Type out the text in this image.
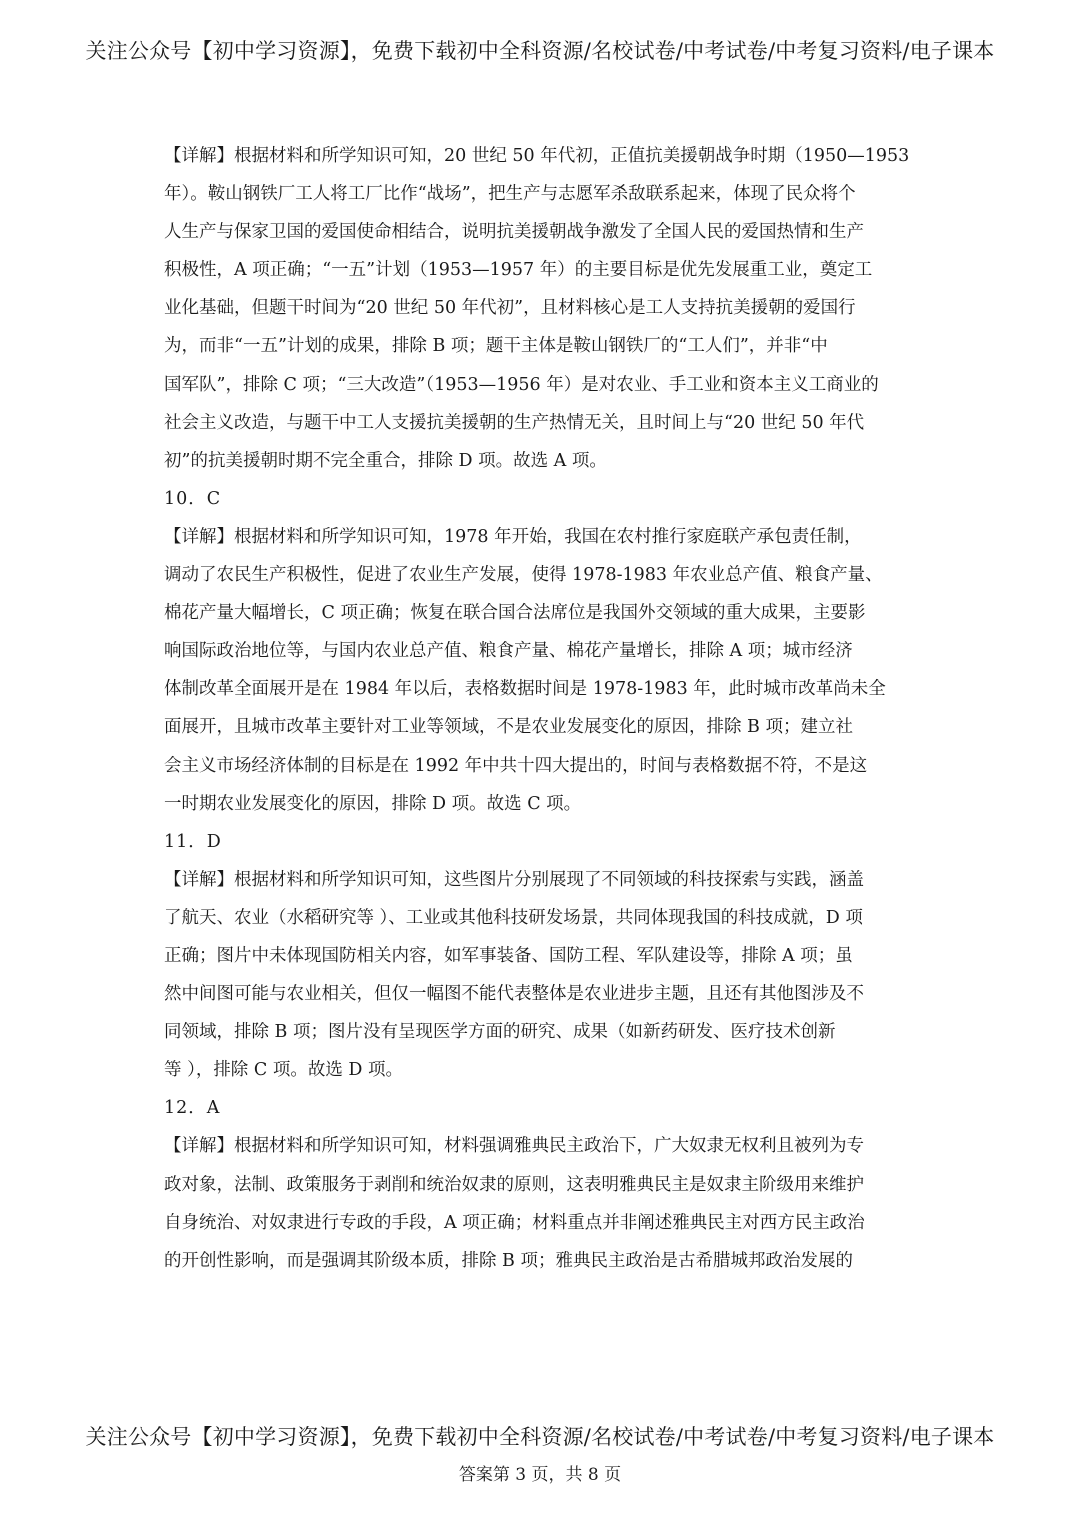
关注公众号【初中学习资源】，免费下载初中全科资源/名校试卷/中考试卷/中考复习资料/电子课本
【详解】根据材料和所学知识可知，20 世纪 50 年代初，正值抗美援朝战争时期（1950—1953
年）。鞍山钢铁厂工人将工厂比作“战场”，把生产与志愿军杀敌联系起来，体现了民众将个
人生产与保家卫国的爱国使命相结合，说明抗美援朝战争激发了全国人民的爱国热情和生产
积极性，A 项正确；“一五”计划（1953—1957 年）的主要目标是优先发展重工业，奠定工
业化基础，但题干时间为“20 世纪 50 年代初”，且材料核心是工人支持抗美援朝的爱国行
为，而非“一五”计划的成果，排除 B 项；题干主体是鞍山钢铁厂的“工人们”，并非“中
国军队”，排除 C 项；“三大改造”（1953—1956 年）是对农业、手工业和资本主义工商业的
社会主义改造，与题干中工人支援抗美援朝的生产热情无关，且时间上与“20 世纪 50 年代
初”的抗美援朝时期不完全重合，排除 D 项。故选 A 项。
10．C
【详解】根据材料和所学知识可知，1978 年开始，我国在农村推行家庭联产承包责任制，
调动了农民生产积极性，促进了农业生产发展，使得 1978-1983 年农业总产值、粮食产量、
棉花产量大幅增长，C 项正确；恢复在联合国合法席位是我国外交领域的重大成果，主要影
响国际政治地位等，与国内农业总产值、粮食产量、棉花产量增长，排除 A 项；城市经济
体制改革全面展开是在 1984 年以后，表格数据时间是 1978-1983 年，此时城市改革尚未全
面展开，且城市改革主要针对工业等领域，不是农业发展变化的原因，排除 B 项；建立社
会主义市场经济体制的目标是在 1992 年中共十四大提出的，时间与表格数据不符，不是这
一时期农业发展变化的原因，排除 D 项。故选 C 项。
11．D
【详解】根据材料和所学知识可知，这些图片分别展现了不同领域的科技探索与实践，涵盖
了航天、农业（水稻研究等 ）、工业或其他科技研发场景，共同体现我国的科技成就，D 项
正确；图片中未体现国防相关内容，如军事装备、国防工程、军队建设等，排除 A 项；虽
然中间图可能与农业相关，但仅一幅图不能代表整体是农业进步主题，且还有其他图涉及不
同领域，排除 B 项；图片没有呈现医学方面的研究、成果（如新药研发、医疗技术创新
等 ），排除 C 项。故选 D 项。
12．A
【详解】根据材料和所学知识可知，材料强调雅典民主政治下，广大奴隶无权利且被列为专
政对象，法制、政策服务于剥削和统治奴隶的原则，这表明雅典民主是奴隶主阶级用来维护
自身统治、对奴隶进行专政的手段，A 项正确；材料重点并非阐述雅典民主对西方民主政治
的开创性影响，而是强调其阶级本质，排除 B 项；雅典民主政治是古希腊城邦政治发展的
关注公众号【初中学习资源】，免费下载初中全科资源/名校试卷/中考试卷/中考复习资料/电子课本
答案第 3 页，共 8 页
